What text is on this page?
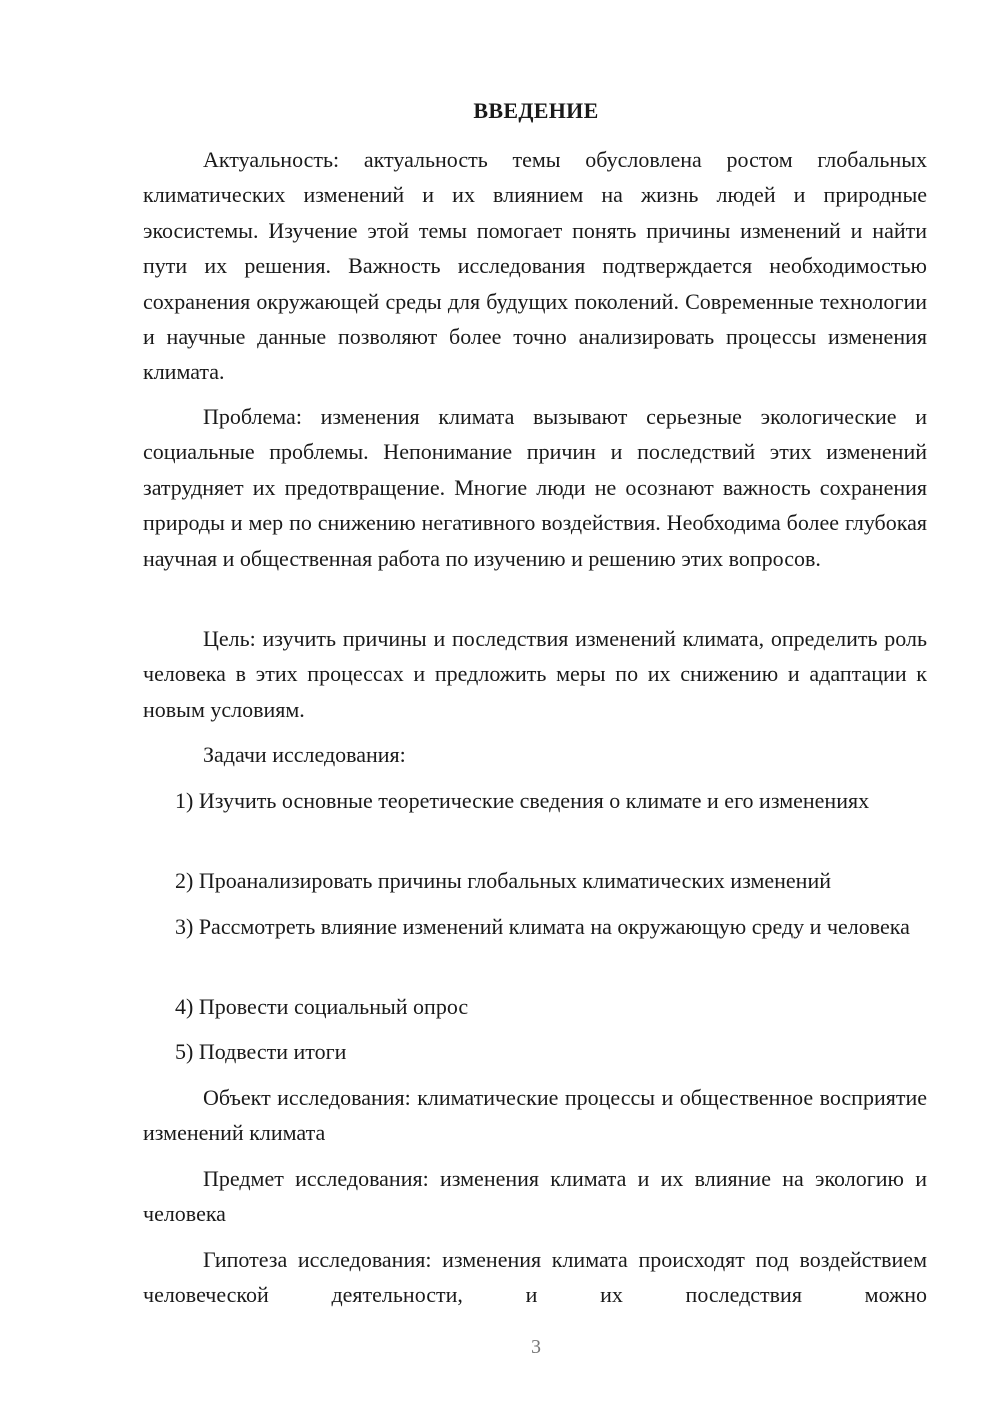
ВВЕДЕНИЕ

Актуальность: актуальность темы обусловлена ростом глобальных климатических изменений и их влиянием на жизнь людей и природные экосистемы. Изучение этой темы помогает понять причины изменений и найти пути их решения. Важность исследования подтверждается необходимостью сохранения окружающей среды для будущих поколений. Современные технологии и научные данные позволяют более точно анализировать процессы изменения климата.

Проблема: изменения климата вызывают серьезные экологические и социальные проблемы. Непонимание причин и последствий этих изменений затрудняет их предотвращение. Многие люди не осознают важность сохранения природы и мер по снижению негативного воздействия. Необходима более глубокая научная и общественная работа по изучению и решению этих вопросов.

Цель: изучить причины и последствия изменений климата, определить роль человека в этих процессах и предложить меры по их снижению и адаптации к новым условиям.

Задачи исследования:

1) Изучить основные теоретические сведения о климате и его изменениях

2) Проанализировать причины глобальных климатических изменений

3) Рассмотреть влияние изменений климата на окружающую среду и человека

4) Провести социальный опрос

5) Подвести итоги

Объект исследования: климатические процессы и общественное восприятие изменений климата

Предмет исследования: изменения климата и их влияние на экологию и человека

Гипотеза исследования: изменения климата происходят под воздействием человеческой деятельности, и их последствия можно

3
